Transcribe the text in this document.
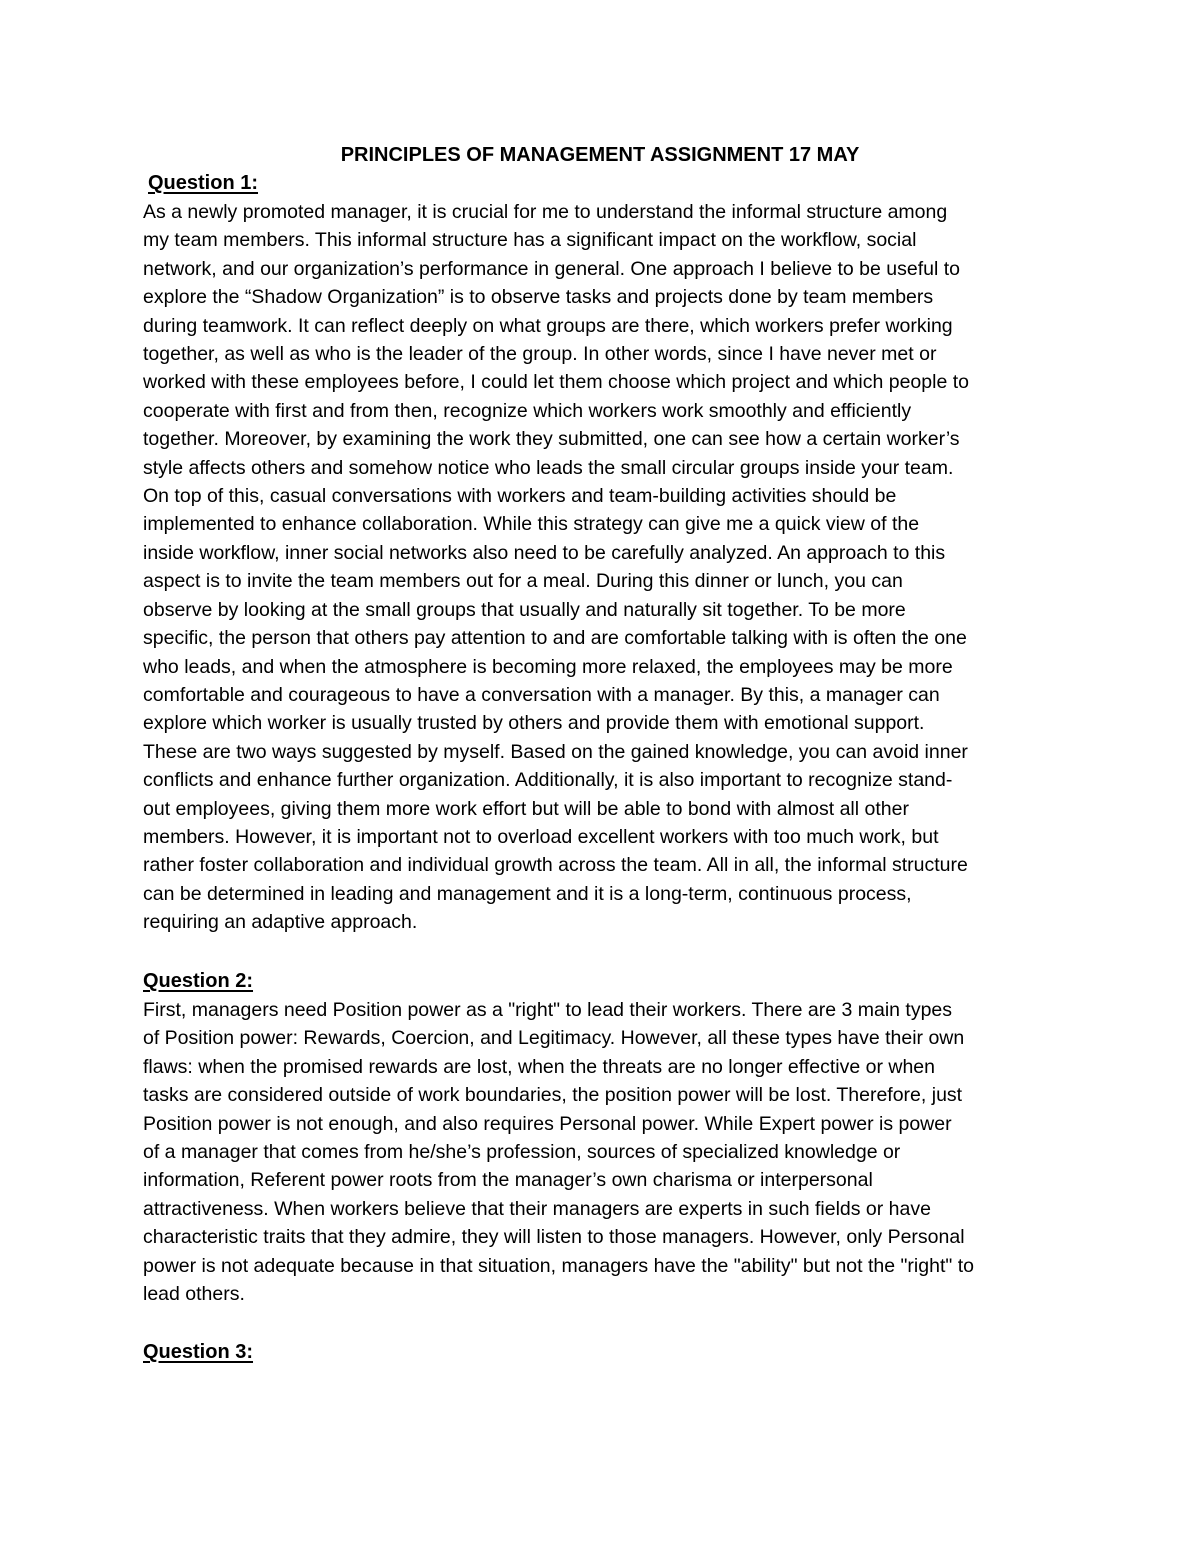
PRINCIPLES OF MANAGEMENT ASSIGNMENT 17 MAY
Question 1:

As a newly promoted manager, it is crucial for me to understand the informal structure among
my team members. This informal structure has a significant impact on the workflow, social
network, and our organization’s performance in general. One approach I believe to be useful to
explore the “Shadow Organization” is to observe tasks and projects done by team members
during teamwork. It can reflect deeply on what groups are there, which workers prefer working
together, as well as who is the leader of the group. In other words, since I have never met or
worked with these employees before, I could let them choose which project and which people to
cooperate with first and from then, recognize which workers work smoothly and efficiently
together. Moreover, by examining the work they submitted, one can see how a certain worker’s
style affects others and somehow notice who leads the small circular groups inside your team.
On top of this, casual conversations with workers and team-building activities should be
implemented to enhance collaboration. While this strategy can give me a quick view of the
inside workflow, inner social networks also need to be carefully analyzed. An approach to this
aspect is to invite the team members out for a meal. During this dinner or lunch, you can
observe by looking at the small groups that usually and naturally sit together. To be more
specific, the person that others pay attention to and are comfortable talking with is often the one
who leads, and when the atmosphere is becoming more relaxed, the employees may be more
comfortable and courageous to have a conversation with a manager. By this, a manager can
explore which worker is usually trusted by others and provide them with emotional support.
These are two ways suggested by myself. Based on the gained knowledge, you can avoid inner
conflicts and enhance further organization. Additionally, it is also important to recognize stand-
out employees, giving them more work effort but will be able to bond with almost all other
members. However, it is important not to overload excellent workers with too much work, but
rather foster collaboration and individual growth across the team. All in all, the informal structure
can be determined in leading and management and it is a long-term, continuous process,
requiring an adaptive approach.

Question 2:

First, managers need Position power as a "right" to lead their workers. There are 3 main types
of Position power: Rewards, Coercion, and Legitimacy. However, all these types have their own
flaws: when the promised rewards are lost, when the threats are no longer effective or when
tasks are considered outside of work boundaries, the position power will be lost. Therefore, just
Position power is not enough, and also requires Personal power. While Expert power is power
of a manager that comes from he/she’s profession, sources of specialized knowledge or
information, Referent power roots from the manager’s own charisma or interpersonal
attractiveness. When workers believe that their managers are experts in such fields or have
characteristic traits that they admire, they will listen to those managers. However, only Personal
power is not adequate because in that situation, managers have the "ability" but not the "right" to
lead others.

Question 3:
